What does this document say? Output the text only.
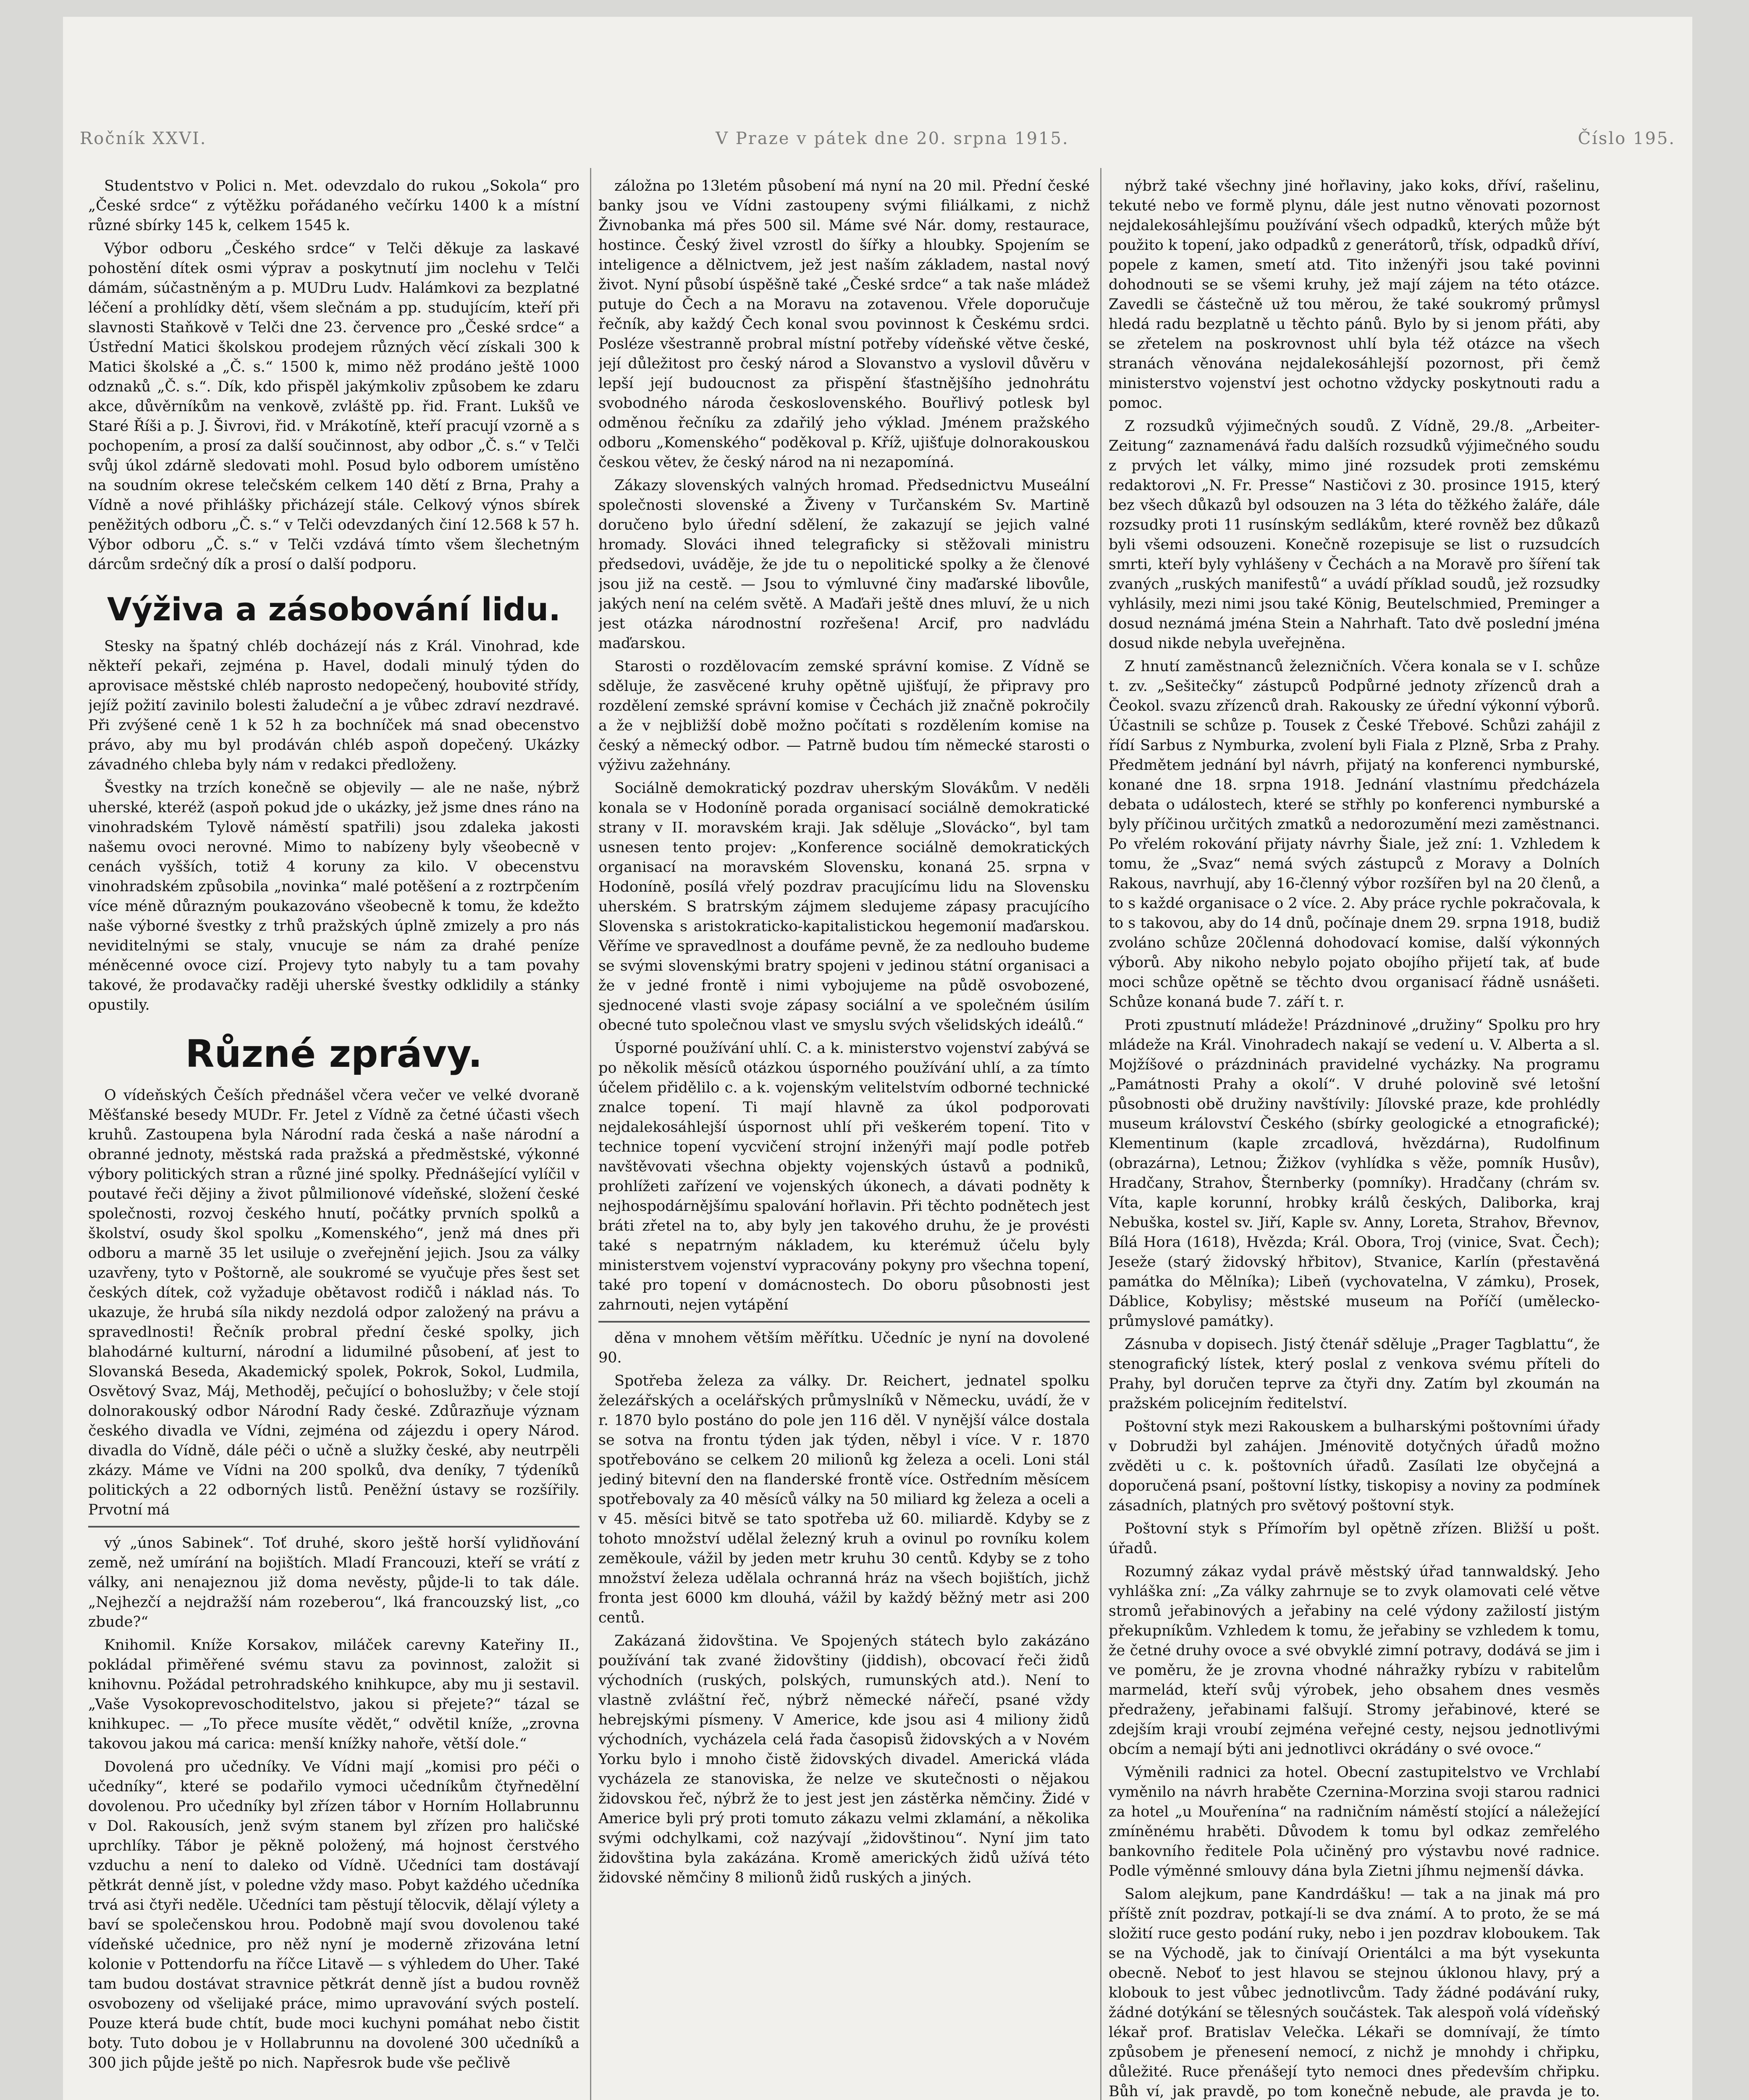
Ročník XXVI.	V Praze v pátek dne 20. srpna 1915.	Číslo 195.

Studentstvo v Polici n. Met. odevzdalo do rukou „Sokola“ pro „České srdce“ z výtěžku pořádaného večírku 1400 k a místní různé sbírky 145 k, celkem 1545 k.

Výbor odboru „Českého srdce“ v Telči děkuje za laskavé pohostění dítek osmi výprav a poskytnutí jim noclehu v Telči dámám, súčastněným a p. MUDru Ludv. Halámkovi za bezplatné léčení a prohlídky dětí, všem slečnám a pp. studujícím, kteří při slavnosti Staňkově v Telči dne 23. července pro „České srdce“ a Ústřední Matici školskou prodejem různých věcí získali 300 k Matici školské a „Č. s.“ 1500 k, mimo něž prodáno ještě 1000 odznaků „Č. s.“. Dík, kdo přispěl jakýmkoliv způsobem ke zdaru akce, důvěrníkům na venkově, zvláště pp. řid. Frant. Lukšů ve Staré Říši a p. J. Šivrovi, řid. v Mrákotíně, kteří pracují vzorně a s pochopením, a prosí za další součinnost, aby odbor „Č. s.“ v Telči svůj úkol zdárně sledovati mohl. Posud bylo odborem umístěno na soudním okrese telečském celkem 140 dětí z Brna, Prahy a Vídně a nové přihlášky přicházejí stále. Celkový výnos sbírek peněžitých odboru „Č. s.“ v Telči odevzdaných činí 12.568 k 57 h. Výbor odboru „Č. s.“ v Telči vzdává tímto všem šlechetným dárcům srdečný dík a prosí o další podporu.

Výživa a zásobování lidu.

Stesky na špatný chléb docházejí nás z Král. Vinohrad, kde někteří pekaři, zejména p. Havel, dodali minulý týden do aprovisace městské chléb naprosto nedopečený, houbovité střídy, jejíž požití zavinilo bolesti žaludeční a je vůbec zdraví nezdravé. Při zvýšené ceně 1 k 52 h za bochníček má snad obecenstvo právo, aby mu byl prodáván chléb aspoň dopečený. Ukázky závadného chleba byly nám v redakci předloženy.

Švestky na trzích konečně se objevily — ale ne naše, nýbrž uherské, kteréž (aspoň pokud jde o ukázky, jež jsme dnes ráno na vinohradském Tylově náměstí spatřili) jsou zdaleka jakosti našemu ovoci nerovné. Mimo to nabízeny byly všeobecně v cenách vyšších, totiž 4 koruny za kilo. V obecenstvu vinohradském způsobila „novinka“ malé potěšení a z roztrpčením více méně důrazným poukazováno všeobecně k tomu, že kdežto naše výborné švestky z trhů pražských úplně zmizely a pro nás neviditelnými se staly, vnucuje se nám za drahé peníze méněcenné ovoce cizí. Projevy tyto nabyly tu a tam povahy takové, že prodavačky raději uherské švestky odklidily a stánky opustily.

Různé zprávy.

O vídeňských Češích přednášel včera večer ve velké dvoraně Měšťanské besedy MUDr. Fr. Jetel z Vídně za četné účasti všech kruhů. Zastoupena byla Národní rada česká a naše národní a obranné jednoty, městská rada pražská a předměstské, výkonné výbory politických stran a různé jiné spolky. Přednášející vylíčil v poutavé řeči dějiny a život půlmilionové vídeňské, složení české společnosti, rozvoj českého hnutí, počátky prvních spolků a školství, osudy škol spolku „Komenského“, jenž má dnes při odboru a marně 35 let usiluje o zveřejnění jejich. Jsou za války uzavřeny, tyto v Poštorně, ale soukromé se vyučuje přes šest set českých dítek, což vyžaduje obětavost rodičů i náklad nás. To ukazuje, že hrubá síla nikdy nezdolá odpor založený na právu a spravedlnosti! Řečník probral přední české spolky, jich blahodárné kulturní, národní a lidumilné působení, ať jest to Slovanská Beseda, Akademický spolek, Pokrok, Sokol, Ludmila, Osvětový Svaz, Máj, Methoděj, pečující o bohoslužby; v čele stojí dolnorakouský odbor Národní Rady české. Zdůrazňuje význam českého divadla ve Vídni, zejména od zájezdu i opery Národ. divadla do Vídně, dále péči o učně a služky české, aby neutrpěli zkázy. Máme ve Vídni na 200 spolků, dva deníky, 7 týdeníků politických a 22 odborných listů. Peněžní ústavy se rozšířily. Prvotní má

vý „únos Sabinek“. Toť druhé, skoro ještě horší vylidňování země, než umírání na bojištích. Mladí Francouzi, kteří se vrátí z války, ani nenajeznou již doma nevěsty, půjde-li to tak dále. „Nejhezčí a nejdražší nám rozeberou“, lká francouzský list, „co zbude?“

Knihomil. Kníže Korsakov, miláček carevny Kateřiny II., pokládal přiměřené svému stavu za povinnost, založit si knihovnu. Požádal petrohradského knihkupce, aby mu ji sestavil. „Vaše Vysokoprevoschoditelstvo, jakou si přejete?“ tázal se knihkupec. — „To přece musíte vědět,“ odvětil kníže, „zrovna takovou jakou má carica: menší knížky nahoře, větší dole.“

Dovolená pro učedníky. Ve Vídni mají „komisi pro péči o učedníky“, které se podařilo vymoci učedníkům čtyřnedělní dovolenou. Pro učedníky byl zřízen tábor v Horním Hollabrunnu v Dol. Rakousích, jenž svým stanem byl zřízen pro haličské uprchlíky. Tábor je pěkně položený, má hojnost čerstvého vzduchu a není to daleko od Vídně. Učedníci tam dostávají pětkrát denně jíst, v poledne vždy maso. Pobyt každého učedníka trvá asi čtyři neděle. Učedníci tam pěstují tělocvik, dělají výlety a baví se společenskou hrou. Podobně mají svou dovolenou také vídeňské učednice, pro něž nyní je moderně zřizována letní kolonie v Pottendorfu na říčce Litavě — s výhledem do Uher. Také tam budou dostávat stravnice pětkrát denně jíst a budou rovněž osvobozeny od všelijaké práce, mimo upravování svých postelí. Pouze která bude chtít, bude moci kuchyni pomáhat nebo čistit boty. Tuto dobou je v Hollabrunnu na dovolené 300 učedníků a 300 jich půjde ještě po nich. Napřesrok bude vše pečlivě

záložna po 13letém působení má nyní na 20 mil. Přední české banky jsou ve Vídni zastoupeny svými filiálkami, z nichž Živnobanka má přes 500 sil. Máme své Nár. domy, restaurace, hostince. Český živel vzrostl do šířky a hloubky. Spojením se inteligence a dělnictvem, jež jest naším základem, nastal nový život. Nyní působí úspěšně také „České srdce“ a tak naše mládež putuje do Čech a na Moravu na zotavenou. Vřele doporučuje řečník, aby každý Čech konal svou povinnost k Českému srdci. Posléze všestranně probral místní potřeby vídeňské větve české, její důležitost pro český národ a Slovanstvo a vyslovil důvěru v lepší její budoucnost za přispění šťastnějšího jednohrátu svobodného národa československého. Bouřlivý potlesk byl odměnou řečníku za zdařilý jeho výklad. Jménem pražského odboru „Komenského“ poděkoval p. Kříž, ujišťuje dolnorakouskou českou větev, že český národ na ni nezapomíná.

Zákazy slovenských valných hromad. Předsednictvu Museální společnosti slovenské a Živeny v Turčanském Sv. Martině doručeno bylo úřední sdělení, že zakazují se jejich valné hromady. Slováci ihned telegraficky si stěžovali ministru předsedovi, uváděje, že jde tu o nepolitické spolky a že členové jsou již na cestě. — Jsou to výmluvné činy maďarské libovůle, jakých není na celém světě. A Maďaři ještě dnes mluví, že u nich jest otázka národnostní rozřešena! Arcif, pro nadvládu maďarskou.

Starosti o rozdělovacím zemské správní komise. Z Vídně se sděluje, že zasvěcené kruhy opětně ujišťují, že připravy pro rozdělení zemské správní komise v Čechách již značně pokročily a že v nejbližší době možno počítati s rozdělením komise na český a německý odbor. — Patrně budou tím německé starosti o výživu zažehnány.

Sociálně demokratický pozdrav uherským Slovákům. V neděli konala se v Hodoníně porada organisací sociálně demokratické strany v II. moravském kraji. Jak sděluje „Slovácko“, byl tam usnesen tento projev: „Konference sociálně demokratických organisací na moravském Slovensku, konaná 25. srpna v Hodoníně, posílá vřelý pozdrav pracujícímu lidu na Slovensku uherském. S bratrským zájmem sledujeme zápasy pracujícího Slovenska s aristokraticko-kapitalistickou hegemonií maďarskou. Věříme ve spravedlnost a doufáme pevně, že za nedlouho budeme se svými slovenskými bratry spojeni v jedinou státní organisaci a že v jedné frontě i nimi vybojujeme na půdě osvobozené, sjednocené vlasti svoje zápasy sociální a ve společném úsilím obecné tuto společnou vlast ve smyslu svých všelidských ideálů.“

Úsporné používání uhlí. C. a k. ministerstvo vojenství zabývá se po několik měsíců otázkou úsporného používání uhlí, a za tímto účelem přidělilo c. a k. vojenským velitelstvím odborné technické znalce topení. Ti mají hlavně za úkol podporovati nejdalekosáhlejší úspornost uhlí při veškerém topení. Tito v technice topení vycvičení strojní inženýři mají podle potřeb navštěvovati všechna objekty vojenských ústavů a podniků, prohlížeti zařízení ve vojenských úkonech, a dávati podněty k nejhospodárnějšímu spalování hořlavin. Při těchto podnětech jest bráti zřetel na to, aby byly jen takového druhu, že je provésti také s nepatrným nákladem, ku kterémuž účelu byly ministerstvem vojenství vypracovány pokyny pro všechna topení, také pro topení v domácnostech. Do oboru působnosti jest zahrnouti, nejen vytápění

děna v mnohem větším měřítku. Učedníc je nyní na dovolené 90.

Spotřeba železa za války. Dr. Reichert, jednatel spolku železářských a ocelářských průmyslníků v Německu, uvádí, že v r. 1870 bylo postáno do pole jen 116 děl. V nynější válce dostala se sotva na frontu týden jak týden, něbyl i více. V r. 1870 spotřebováno se celkem 20 milionů kg železa a oceli. Loni stál jediný bitevní den na flanderské frontě více. Ostředním měsícem spotřebovaly za 40 měsíců války na 50 miliard kg železa a oceli a v 45. měsíci bitvě se tato spotřeba už 60. miliardě. Kdyby se z tohoto množství udělal železný kruh a ovinul po rovníku kolem zeměkoule, vážil by jeden metr kruhu 30 centů. Kdyby se z toho množství železa udělala ochranná hráz na všech bojištích, jichž fronta jest 6000 km dlouhá, vážil by každý běžný metr asi 200 centů.

Zakázaná židovština. Ve Spojených státech bylo zakázáno používání tak zvané židovštiny (jiddish), obcovací řeči židů východních (ruských, polských, rumunských atd.). Není to vlastně zvláštní řeč, nýbrž německé nářečí, psané vždy hebrejskými písmeny. V Americe, kde jsou asi 4 miliony židů východních, vycházela celá řada časopisů židovských a v Novém Yorku bylo i mnoho čistě židovských divadel. Americká vláda vycházela ze stanoviska, že nelze ve skutečnosti o nějakou židovskou řeč, nýbrž že to jest jest jen zástěrka němčiny. Židé v Americe byli prý proti tomuto zákazu velmi zklamání, a několika svými odchylkami, což nazývají „židovštinou“. Nyní jim tato židovština byla zakázána. Kromě amerických židů užívá této židovské němčiny 8 milionů židů ruských a jiných.

nýbrž také všechny jiné hořlaviny, jako koks, dříví, rašelinu, tekuté nebo ve formě plynu, dále jest nutno věnovati pozornost nejdalekosáhlejšímu používání všech odpadků, kterých může být použito k topení, jako odpadků z generátorů, třísk, odpadků dříví, popele z kamen, smetí atd. Tito inženýři jsou také povinni dohodnouti se se všemi kruhy, jež mají zájem na této otázce. Zavedli se částečně už tou měrou, že také soukromý průmysl hledá radu bezplatně u těchto pánů. Bylo by si jenom přáti, aby se zřetelem na poskrovnost uhlí byla též otázce na všech stranách věnována nejdalekosáhlejší pozornost, při čemž ministerstvo vojenství jest ochotno vždycky poskytnouti radu a pomoc.

Z rozsudků výjimečných soudů. Z Vídně, 29./8. „Arbeiter-Zeitung“ zaznamenává řadu dalších rozsudků výjimečného soudu z prvých let války, mimo jiné rozsudek proti zemskému redaktorovi „N. Fr. Presse“ Nastičovi z 30. prosince 1915, který bez všech důkazů byl odsouzen na 3 léta do těžkého žaláře, dále rozsudky proti 11 rusínským sedlákům, které rovněž bez důkazů byli všemi odsouzeni. Konečně rozepisuje se list o ruzsudcích smrti, kteří byly vyhlášeny v Čechách a na Moravě pro šíření tak zvaných „ruských manifestů“ a uvádí příklad soudů, jež rozsudky vyhlásily, mezi nimi jsou také König, Beutelschmied, Preminger a dosud neznámá jména Stein a Nahrhaft. Tato dvě poslední jména dosud nikde nebyla uveřejněna.

Z hnutí zaměstnanců železničních. Včera konala se v I. schůze t. zv. „Sešitečky“ zástupců Podpůrné jednoty zřízenců drah a Čeokol. svazu zřízenců drah. Rakousky ze úřední výkonní výborů. Účastnili se schůze p. Tousek z České Třebové. Schůzi zahájil z řídí Sarbus z Nymburka, zvolení byli Fiala z Plzně, Srba z Prahy. Předmětem jednání byl návrh, přijatý na konferenci nymburské, konané dne 18. srpna 1918. Jednání vlastnímu předcházela debata o událostech, které se střhly po konferenci nymburské a byly příčinou určitých zmatků a nedorozumění mezi zaměstnanci. Po vřelém rokování přijaty návrhy Šiale, jež zní: 1. Vzhledem k tomu, že „Svaz“ nemá svých zástupců z Moravy a Dolních Rakous, navrhují, aby 16-členný výbor rozšířen byl na 20 členů, a to s každé organisace o 2 více. 2. Aby práce rychle pokračovala, k to s takovou, aby do 14 dnů, počínaje dnem 29. srpna 1918, budiž zvoláno schůze 20členná dohodovací komise, další výkonných výborů. Aby nikoho nebylo pojato obojího přijetí tak, ať bude moci schůze opětně se těchto dvou organisací řádně usnášeti. Schůze konaná bude 7. září t. r.

Proti zpustnutí mládeže! Prázdninové „družiny“ Spolku pro hry mládeže na Král. Vinohradech nakají se vedení u. V. Alberta a sl. Mojžíšové o prázdninách pravidelné vycházky. Na programu „Památnosti Prahy a okolí“. V druhé polovině své letošní působnosti obě družiny navštívily: Jílovské praze, kde prohlédly museum království Českého (sbírky geologické a etnografické); Klementinum (kaple zrcadlová, hvězdárna), Rudolfinum (obrazárna), Letnou; Žižkov (vyhlídka s věže, pomník Husův), Hradčany, Strahov, Šternberky (pomníky). Hradčany (chrám sv. Víta, kaple korunní, hrobky králů českých, Daliborka, kraj Nebuška, kostel sv. Jiří, Kaple sv. Anny, Loreta, Strahov, Břevnov, Bílá Hora (1618), Hvězda; Král. Obora, Troj (vinice, Svat. Čech); Jeseže (starý židovský hřbitov), Stvanice, Karlín (přestavěná památka do Mělníka); Libeň (vychovatelna, V zámku), Prosek, Dáblice, Kobylisy; městské museum na Poříčí (umělecko-průmyslové památky).

Zásnuba v dopisech. Jistý čtenář sděluje „Prager Tagblattu“, že stenografický lístek, který poslal z venkova svému příteli do Prahy, byl doručen teprve za čtyři dny. Zatím byl zkoumán na pražském policejním ředitelství.

Poštovní styk mezi Rakouskem a bulharskými poštovními úřady v Dobrudži byl zahájen. Jménovitě dotyčných úřadů možno zvěděti u c. k. poštovních úřadů. Zasílati lze obyčejná a doporučená psaní, poštovní lístky, tiskopisy a noviny za podmínek zásadních, platných pro světový poštovní styk.

Poštovní styk s Přímořím byl opětně zřízen. Bližší u pošt. úřadů.

Rozumný zákaz vydal právě městský úřad tannwaldský. Jeho vyhláška zní: „Za války zahrnuje se to zvyk olamovati celé větve stromů jeřabinových a jeřabiny na celé výdony zažilostí jistým překupníkům. Vzhledem k tomu, že jeřabiny se vzhledem k tomu, že četné druhy ovoce a své obvyklé zimní potravy, dodává se jim i ve poměru, že je zrovna vhodné náhražky rybízu v rabitelům marmelád, kteří svůj výrobek, jeho obsahem dnes vesměs předraženy, jeřabinami falšují. Stromy jeřabinové, které se zdejším kraji vroubí zejména veřejné cesty, nejsou jednotlivými obcím a nemají býti ani jednotlivci okrádány o své ovoce.“

Výměnili radnici za hotel. Obecní zastupitelstvo ve Vrchlabí vyměnilo na návrh hraběte Czernina-Morzina svoji starou radnici za hotel „u Mouřenína“ na radničním náměstí stojící a náležející zmíněnému hraběti. Důvodem k tomu byl odkaz zemřelého bankovního ředitele Pola učiněný pro výstavbu nové radnice. Podle výměnné smlouvy dána byla Zietni jíhmu nejmenší dávka.

Salom alejkum, pane Kandrdášku! — tak a na jinak má pro příště znít pozdrav, potkají-li se dva známí. A to proto, že se má složití ruce gesto podání ruky, nebo i jen pozdrav kloboukem. Tak se na Východě, jak to činívají Orientálci a ma být vysekunta obecně. Neboť to jest hlavou se stejnou úklonou hlavy, prý a klobouk to jest vůbec jednotlivcům. Tady žádné podávání ruky, žádné dotýkání se tělesných součástek. Tak alespoň volá vídeňský lékař prof. Bratislav Velečka. Lékaři se domnívají, že tímto způsobem je přenesení nemocí, z nichž je mnohdy i chřipku, důležité. Ruce přenášejí tyto nemoci dnes především chřipku. Bůh ví, jak pravdě, po tom konečně nebude, ale pravda je to.
